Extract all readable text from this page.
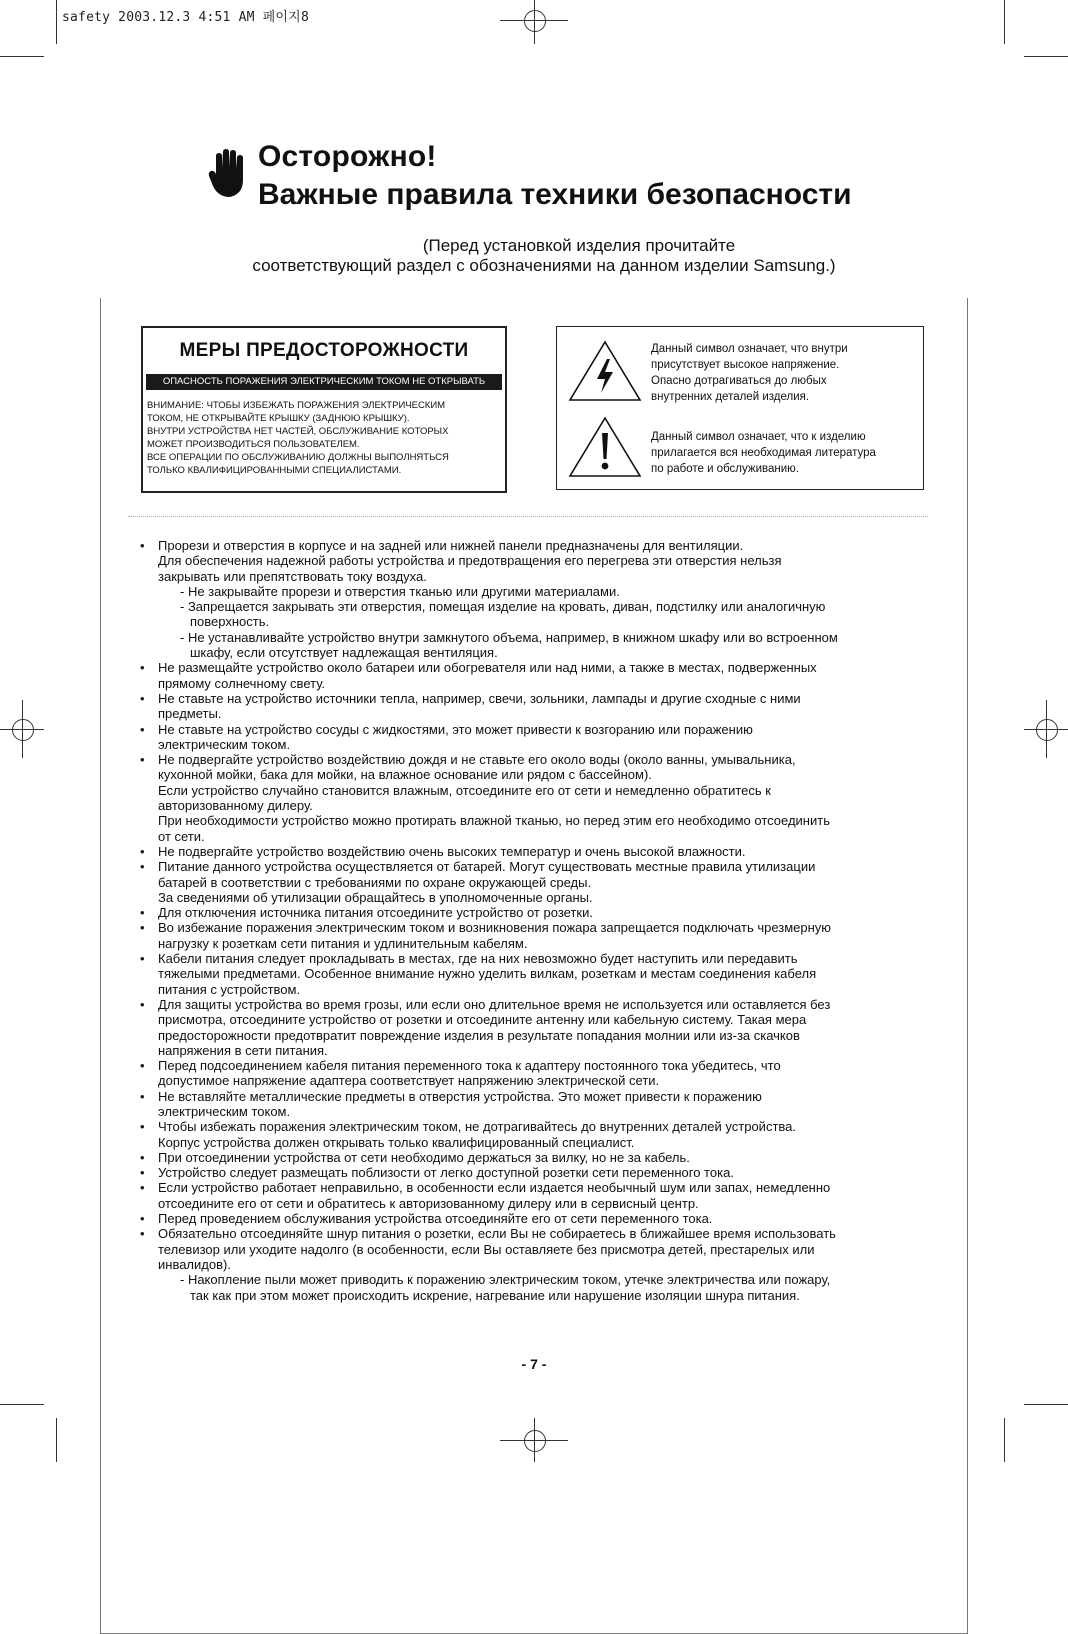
safety 2003.12.3 4:51 AM 페이지8
Осторожно!
Важные правила техники безопасности
(Перед установкой изделия прочитайте
соответствующий раздел с обозначениями на данном изделии Samsung.)
МЕРЫ ПРЕДОСТОРОЖНОСТИ
ОПАСНОСТЬ ПОРАЖЕНИЯ ЭЛЕКТРИЧЕСКИМ ТОКОМ НЕ ОТКРЫВАТЬ
ВНИМАНИЕ: ЧТОБЫ ИЗБЕЖАТЬ ПОРАЖЕНИЯ ЭЛЕКТРИЧЕСКИМ
ТОКОМ, НЕ ОТКРЫВАЙТЕ КРЫШКУ (ЗАДНЮЮ КРЫШКУ).
ВНУТРИ УСТРОЙСТВА НЕТ ЧАСТЕЙ, ОБСЛУЖИВАНИЕ КОТОРЫХ
МОЖЕТ ПРОИЗВОДИТЬСЯ ПОЛЬЗОВАТЕЛЕМ.
ВСЕ ОПЕРАЦИИ ПО ОБСЛУЖИВАНИЮ ДОЛЖНЫ ВЫПОЛНЯТЬСЯ
ТОЛЬКО КВАЛИФИЦИРОВАННЫМИ СПЕЦИАЛИСТАМИ.
Данный символ означает, что внутри
присутствует высокое напряжение.
Опасно дотрагиваться до любых
внутренних деталей изделия.
Данный символ означает, что к изделию
прилагается вся необходимая литература
по работе и обслуживанию.
• Прорези и отверстия в корпусе и на задней или нижней панели предназначены для вентиляции.
Для обеспечения надежной работы устройства и предотвращения его перегрева эти отверстия нельзя
закрывать или препятствовать току воздуха.
- Не закрывайте прорези и отверстия тканью или другими материалами.
- Запрещается закрывать эти отверстия, помещая изделие на кровать, диван, подстилку или аналогичную
поверхность.
- Не устанавливайте устройство внутри замкнутого объема, например, в книжном шкафу или во встроенном
шкафу, если отсутствует надлежащая вентиляция.
• Не размещайте устройство около батареи или обогревателя или над ними, а также в местах, подверженных
прямому солнечному свету.
• Не ставьте на устройство источники тепла, например, свечи, зольники, лампады и другие сходные с ними
предметы.
• Не ставьте на устройство сосуды с жидкостями, это может привести к возгоранию или поражению
электрическим током.
• Не подвергайте устройство воздействию дождя и не ставьте его около воды (около ванны, умывальника,
кухонной мойки, бака для мойки, на влажное основание или рядом с бассейном).
Если устройство случайно становится влажным, отсоедините его от сети и немедленно обратитесь к
авторизованному дилеру.
При необходимости устройство можно протирать влажной тканью, но перед этим его необходимо отсоединить
от сети.
• Не подвергайте устройство воздействию очень высоких температур и очень высокой влажности.
• Питание данного устройства осуществляется от батарей. Могут существовать местные правила утилизации
батарей в соответствии с требованиями по охране окружающей среды.
За сведениями об утилизации обращайтесь в уполномоченные органы.
• Для отключения источника питания отсоедините устройство от розетки.
• Во избежание поражения электрическим током и возникновения пожара запрещается подключать чрезмерную
нагрузку к розеткам сети питания и удлинительным кабелям.
• Кабели питания следует прокладывать в местах, где на них невозможно будет наступить или передавить
тяжелыми предметами. Особенное внимание нужно уделить вилкам, розеткам и местам соединения кабеля
питания с устройством.
• Для защиты устройства во время грозы, или если оно длительное время не используется или оставляется без
присмотра, отсоедините устройство от розетки и отсоедините антенну или кабельную систему. Такая мера
предосторожности предотвратит повреждение изделия в результате попадания молнии или из-за скачков
напряжения в сети питания.
• Перед подсоединением кабеля питания переменного тока к адаптеру постоянного тока убедитесь, что
допустимое напряжение адаптера соответствует напряжению электрической сети.
• Не вставляйте металлические предметы в отверстия устройства. Это может привести к поражению
электрическим током.
• Чтобы избежать поражения электрическим током, не дотрагивайтесь до внутренних деталей устройства.
Корпус устройства должен открывать только квалифицированный специалист.
• При отсоединении устройства от сети необходимо держаться за вилку, но не за кабель.
• Устройство следует размещать поблизости от легко доступной розетки сети переменного тока.
• Если устройство работает неправильно, в особенности если издается необычный шум или запах, немедленно
отсоедините его от сети и обратитесь к авторизованному дилеру или в сервисный центр.
• Перед проведением обслуживания устройства отсоединяйте его от сети переменного тока.
• Обязательно отсоединяйте шнур питания о розетки, если Вы не собираетесь в ближайшее время использовать
телевизор или уходите надолго (в особенности, если Вы оставляете без присмотра детей, престарелых или
инвалидов).
- Накопление пыли может приводить к поражению электрическим током, утечке электричества или пожару,
так как при этом может происходить искрение, нагревание или нарушение изоляции шнура питания.
- 7 -
